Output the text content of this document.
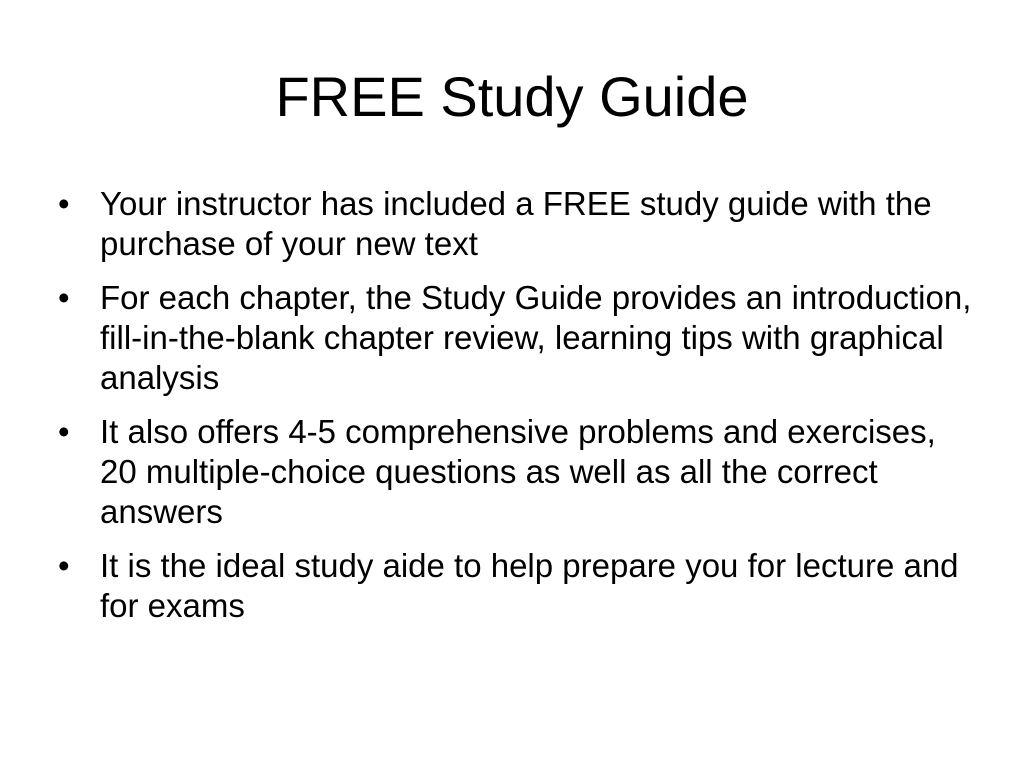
FREE Study Guide
• Your instructor has included a FREE study guide with the purchase of your new text
• For each chapter, the Study Guide provides an introduction, fill-in-the-blank chapter review, learning tips with graphical analysis
• It also offers 4-5 comprehensive problems and exercises, 20 multiple-choice questions as well as all the correct answers
• It is the ideal study aide to help prepare you for lecture and for exams
